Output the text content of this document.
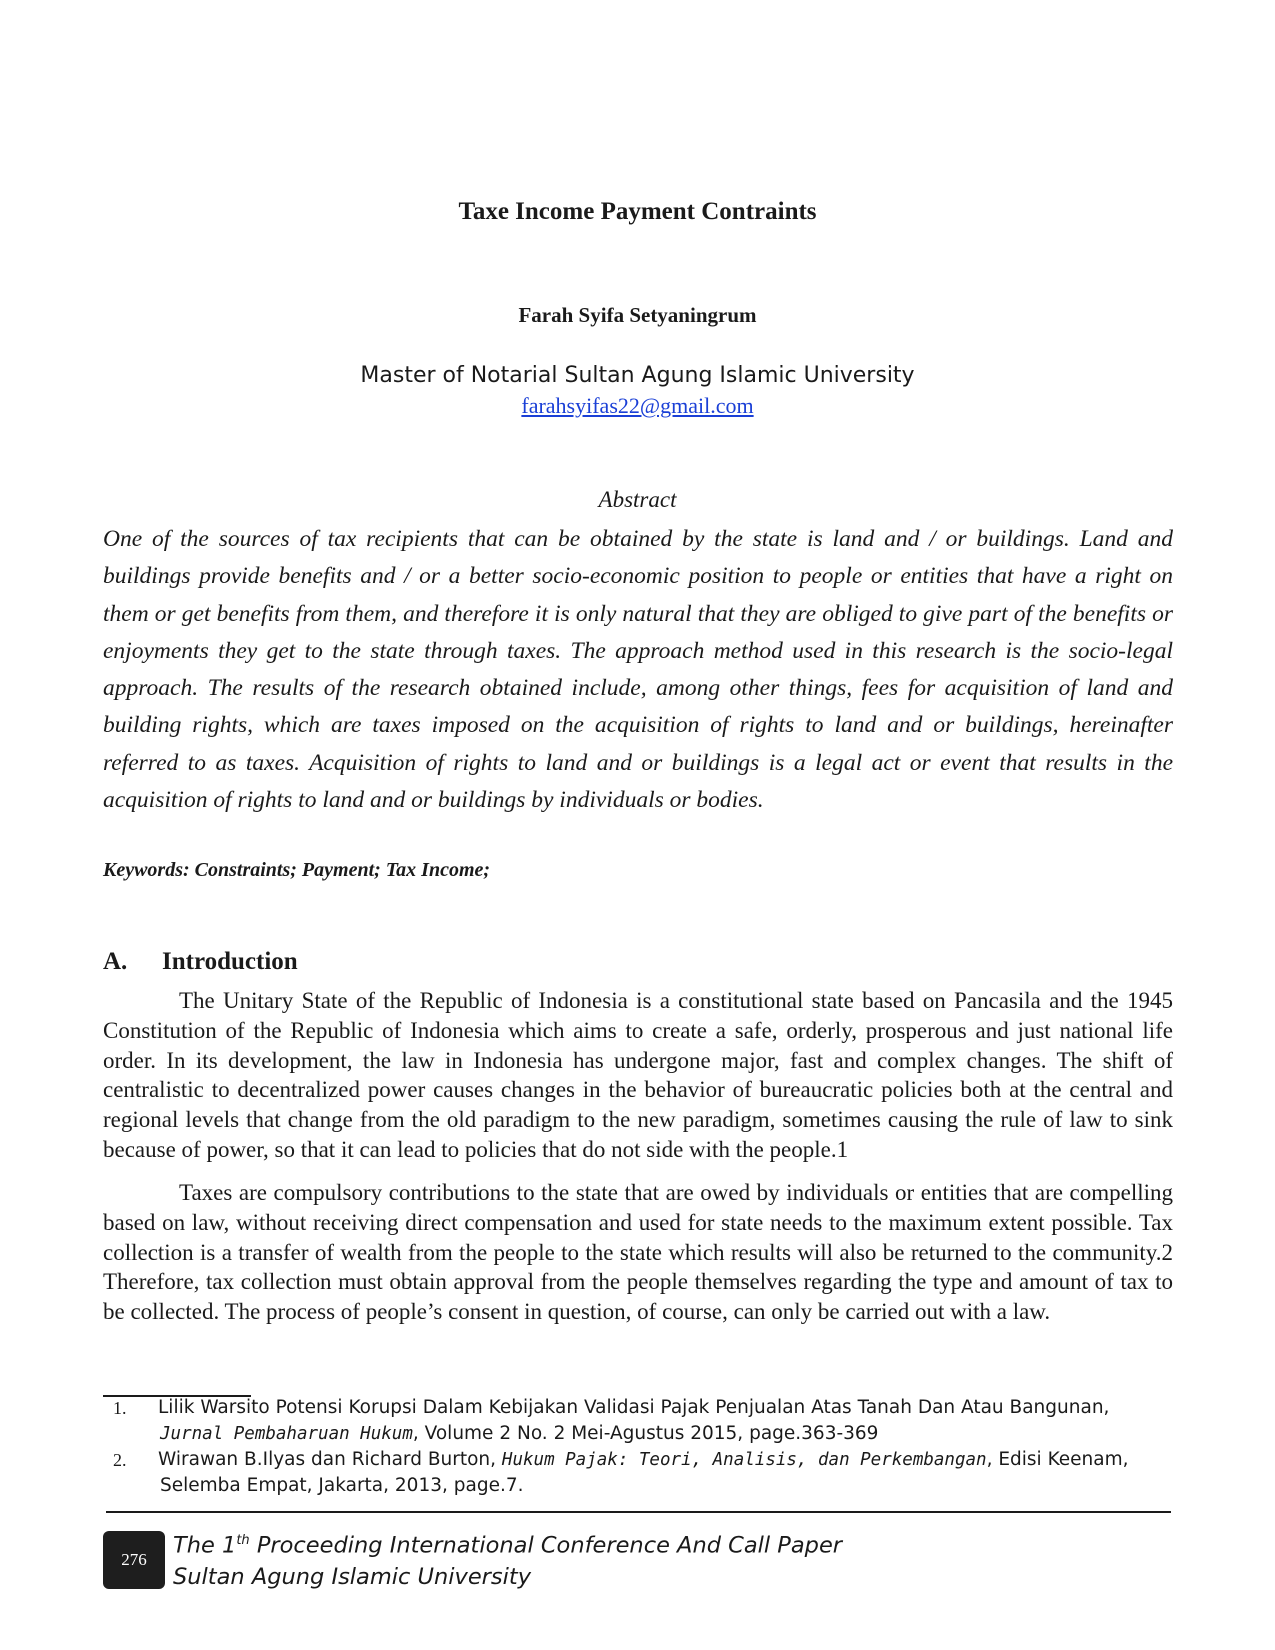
Taxe Income Payment Contraints
Farah Syifa Setyaningrum
Master of Notarial Sultan Agung Islamic University
farahsyifas22@gmail.com
Abstract

One of the sources of tax recipients that can be obtained by the state is land and / or buildings. Land and buildings provide benefits and / or a better socio-economic position to people or entities that have a right on them or get benefits from them, and therefore it is only natural that they are obliged to give part of the benefits or enjoyments they get to the state through taxes. The approach method used in this research is the socio-legal approach. The results of the research obtained include, among other things, fees for acquisition of land and building rights, which are taxes imposed on the acquisition of rights to land and or buildings, hereinafter referred to as taxes. Acquisition of rights to land and or buildings is a legal act or event that results in the acquisition of rights to land and or buildings by individuals or bodies.

Keywords: Constraints; Payment; Tax Income;
A. Introduction

The Unitary State of the Republic of Indonesia is a constitutional state based on Pancasila and the 1945 Constitution of the Republic of Indonesia which aims to create a safe, orderly, prosperous and just national life order. In its development, the law in Indonesia has undergone major, fast and complex changes. The shift of centralistic to decentralized power causes changes in the behavior of bureaucratic policies both at the central and regional levels that change from the old paradigm to the new paradigm, sometimes causing the rule of law to sink because of power, so that it can lead to policies that do not side with the people.1

Taxes are compulsory contributions to the state that are owed by individuals or entities that are compelling based on law, without receiving direct compensation and used for state needs to the maximum extent possible. Tax collection is a transfer of wealth from the people to the state which results will also be returned to the community.2 Therefore, tax collection must obtain approval from the people themselves regarding the type and amount of tax to be collected. The process of people’s consent in question, of course, can only be carried out with a law.

1. Lilik Warsito Potensi Korupsi Dalam Kebijakan Validasi Pajak Penjualan Atas Tanah Dan Atau Bangunan,
Jurnal Pembaharuan Hukum, Volume 2 No. 2 Mei-Agustus 2015, page.363-369
2. Wirawan B.Ilyas dan Richard Burton, Hukum Pajak: Teori, Analisis, dan Perkembangan, Edisi Keenam,
Selemba Empat, Jakarta, 2013, page.7.
276
The 1th Proceeding International Conference And Call Paper
Sultan Agung Islamic University
